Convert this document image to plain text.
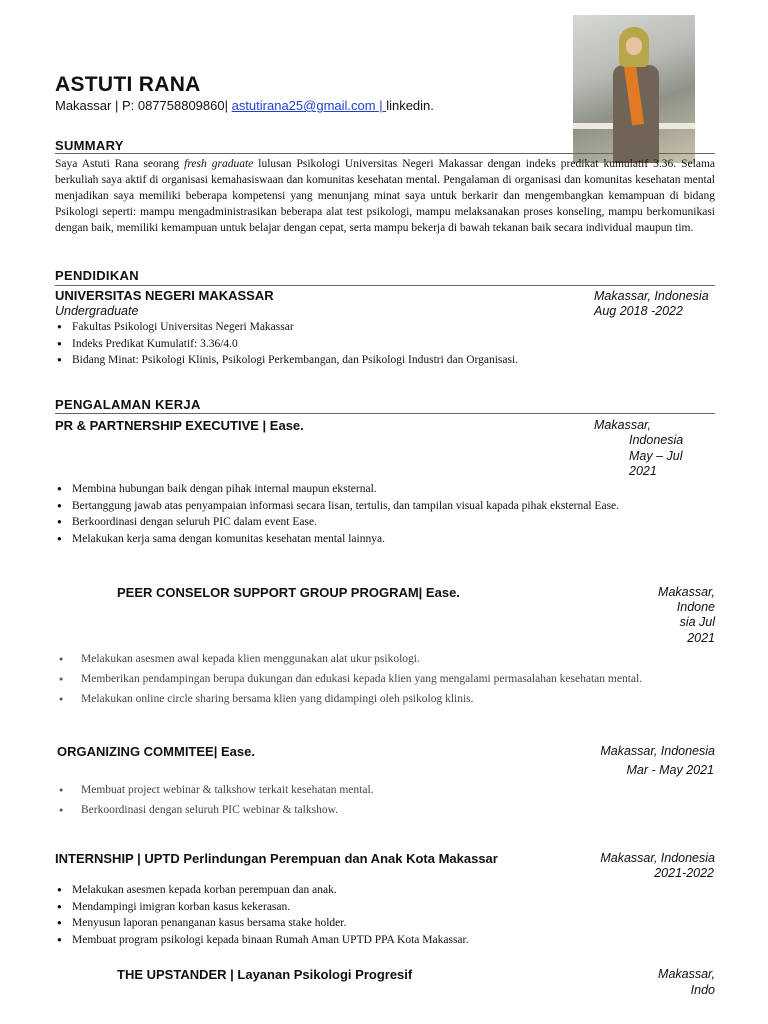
ASTUTI RANA
Makassar | P: 087758809860| astutirana25@gmail.com | linkedin.
SUMMARY
Saya Astuti Rana seorang fresh graduate lulusan Psikologi Universitas Negeri Makassar dengan indeks predikat kumulatif 3.36. Selama berkuliah saya aktif di organisasi kemahasiswaan dan komunitas kesehatan mental. Pengalaman di organisasi dan komunitas kesehatan mental menjadikan saya memiliki beberapa kompetensi yang menunjang minat saya untuk berkarir dan mengembangkan kemampuan di bidang Psikologi seperti: mampu mengadministrasikan beberapa alat test psikologi, mampu melaksanakan proses konseling, mampu berkomunikasi dengan baik, memiliki kemampuan untuk belajar dengan cepat, serta mampu bekerja di bawah tekanan baik secara individual maupun tim.
PENDIDIKAN
UNIVERSITAS NEGERI MAKASSAR	Makassar, Indonesia
Undergraduate	Aug 2018 -2022
● Fakultas Psikologi Universitas Negeri Makassar
● Indeks Predikat Kumulatif: 3.36/4.0
● Bidang Minat: Psikologi Klinis, Psikologi Perkembangan, dan Psikologi Industri dan Organisasi.
PENGALAMAN KERJA
PR & PARTNERSHIP EXECUTIVE | Ease.	Makassar,
Indonesia
May – Jul
2021
● Membina hubungan baik dengan pihak internal maupun eksternal.
● Bertanggung jawab atas penyampaian informasi secara lisan, tertulis, dan tampilan visual kapada pihak eksternal Ease.
● Berkoordinasi dengan seluruh PIC dalam event Ease.
● Melakukan kerja sama dengan komunitas kesehatan mental lainnya.
PEER CONSELOR SUPPORT GROUP PROGRAM| Ease.	Makassar,
Indone
sia Jul
2021
● Melakukan asesmen awal kepada klien menggunakan alat ukur psikologi.
● Memberikan pendampingan berupa dukungan dan edukasi kepada klien yang mengalami permasalahan kesehatan mental.
● Melakukan online circle sharing bersama klien yang didampingi oleh psikolog klinis.
ORGANIZING COMMITEE| Ease.	Makassar, Indonesia
Mar - May 2021
● Membuat project webinar & talkshow terkait kesehatan mental.
● Berkoordinasi dengan seluruh PIC webinar & talkshow.
INTERNSHIP | UPTD Perlindungan Perempuan dan Anak Kota Makassar	Makassar, Indonesia
2021-2022
● Melakukan asesmen kepada korban perempuan dan anak.
● Mendampingi imigran korban kasus kekerasan.
● Menyusun laporan penanganan kasus bersama stake holder.
● Membuat program psikologi kepada binaan Rumah Aman UPTD PPA Kota Makassar.
THE UPSTANDER | Layanan Psikologi Progresif	Makassar,
Indo
